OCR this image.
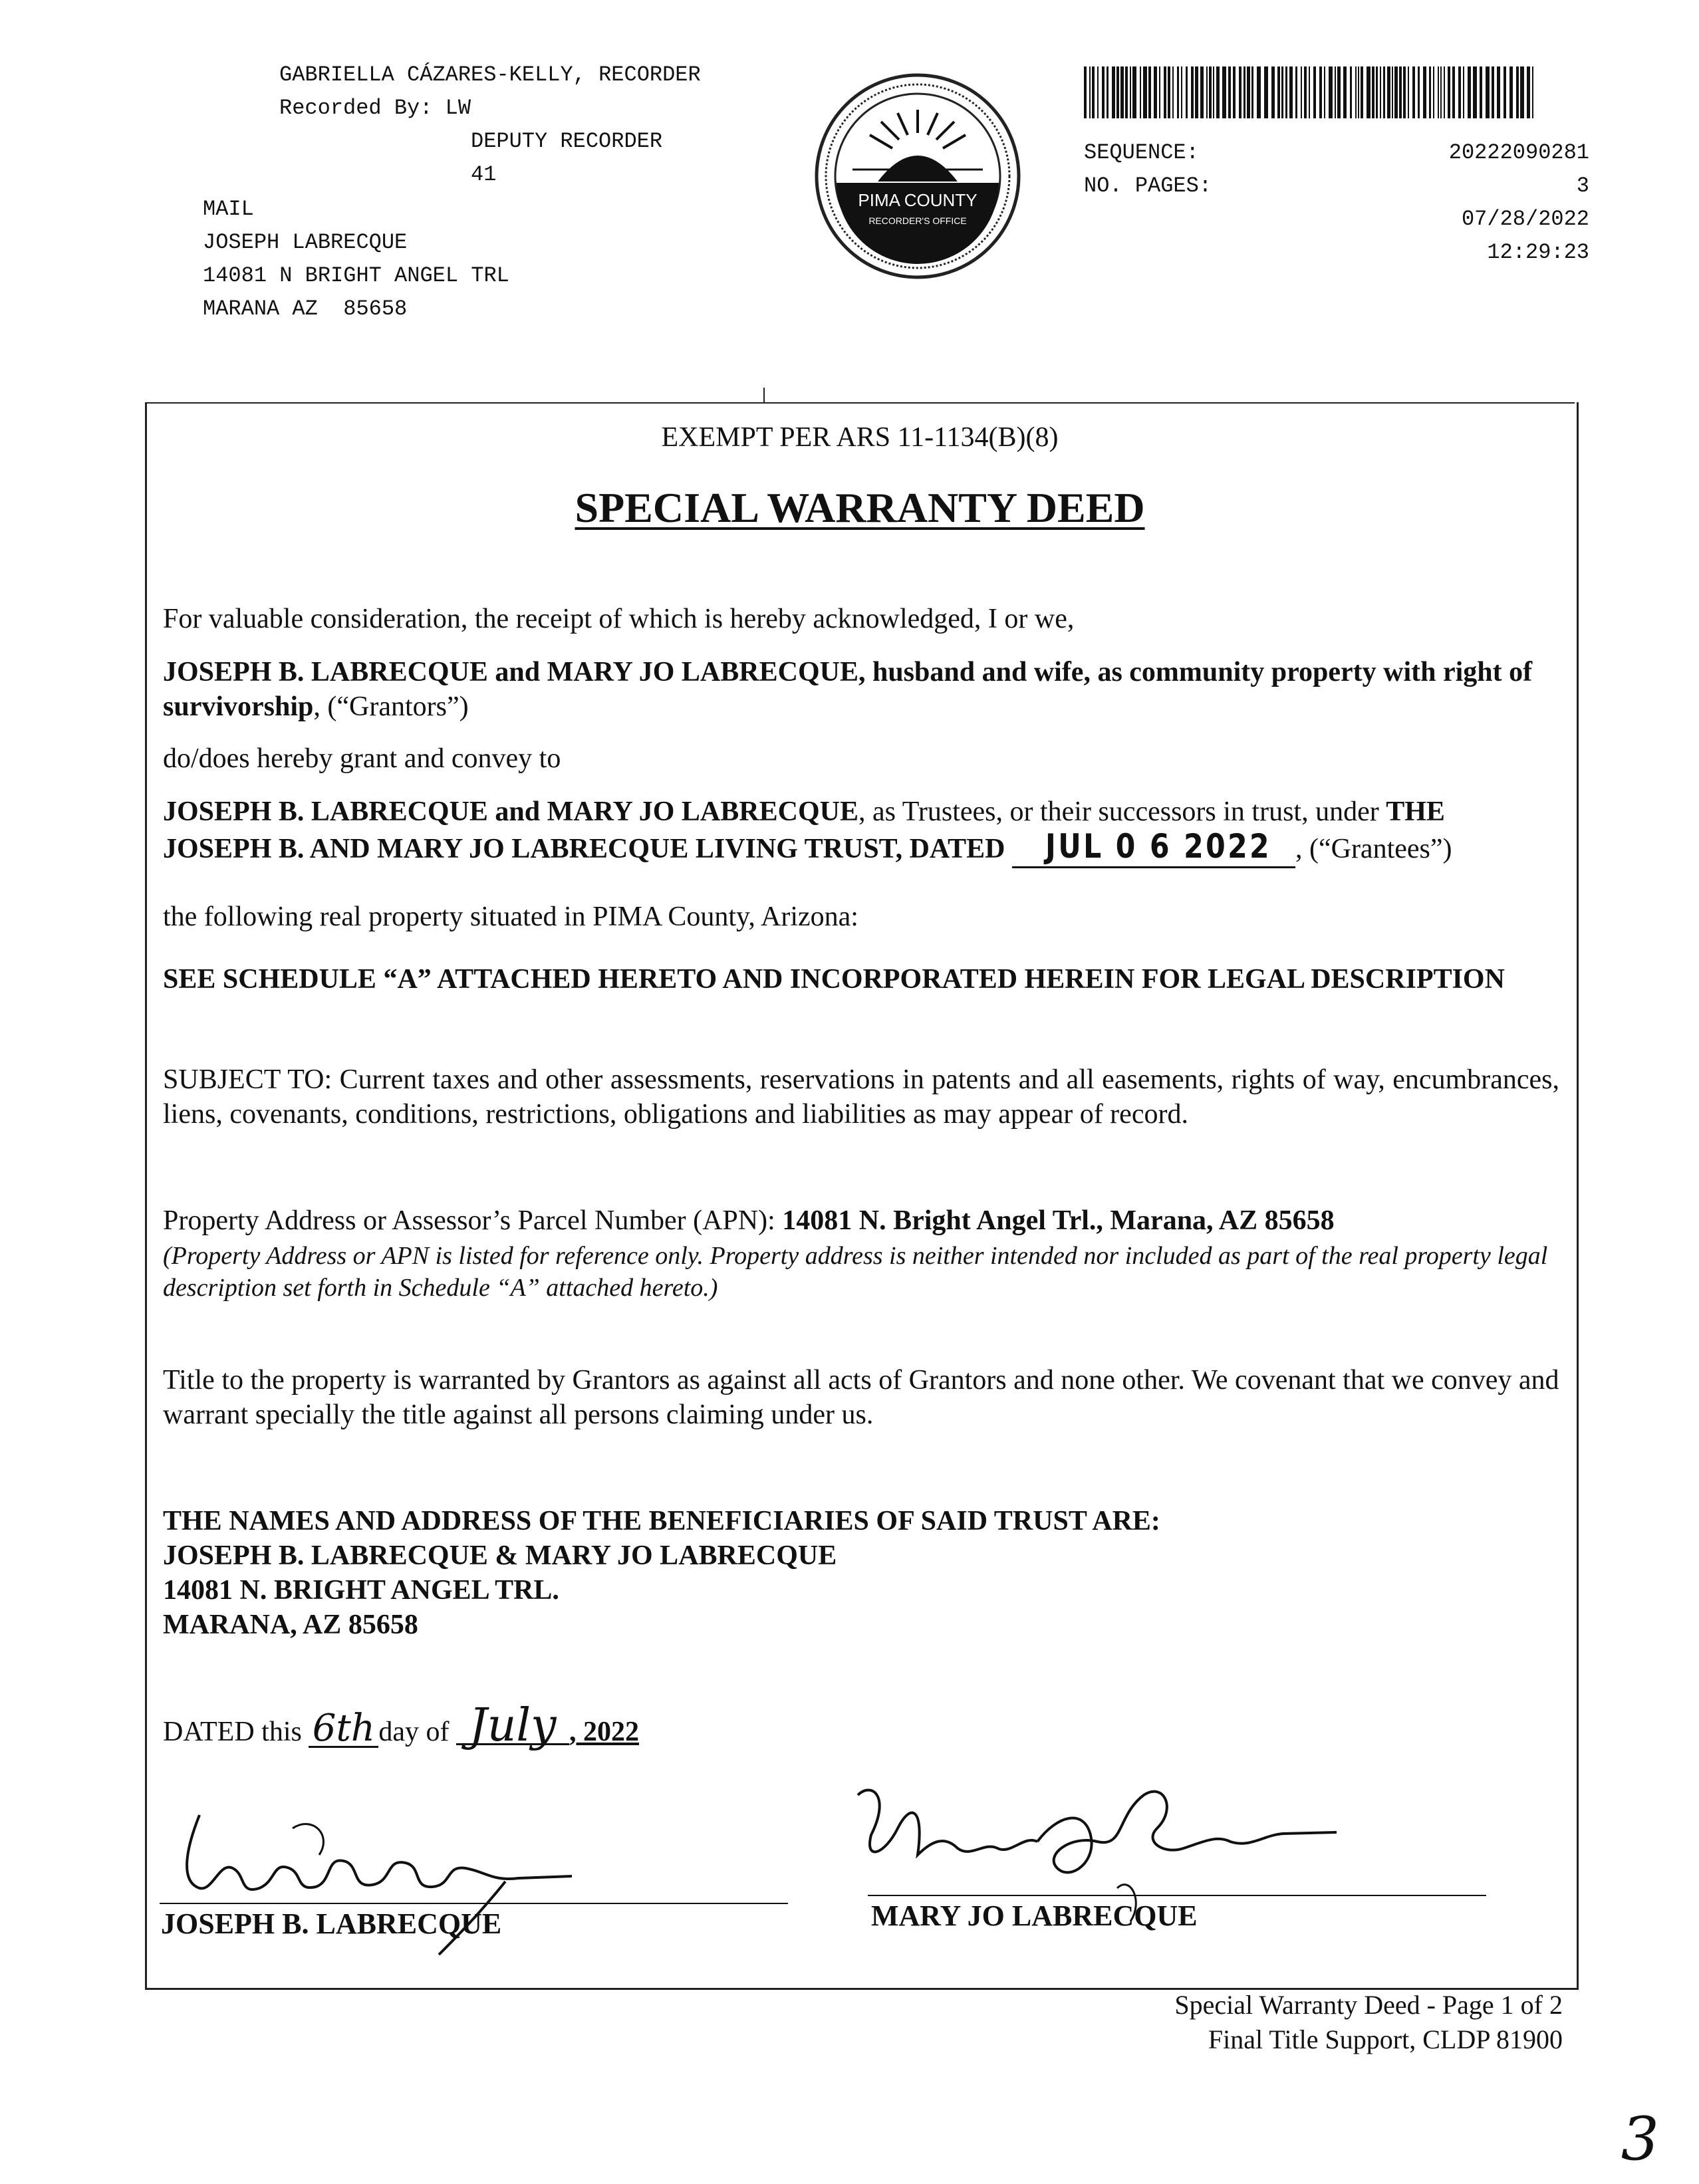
GABRIELLA CÁZARES-KELLY, RECORDER
Recorded By: LW
DEPUTY RECORDER
41
MAIL
JOSEPH LABRECQUE
14081 N BRIGHT ANGEL TRL
MARANA AZ  85658
PIMA COUNTY
RECORDER'S OFFICE
SEQUENCE:	20222090281
NO. PAGES:	3
07/28/2022
12:29:23
EXEMPT PER ARS 11-1134(B)(8)
SPECIAL WARRANTY DEED
For valuable consideration, the receipt of which is hereby acknowledged, I or we,
JOSEPH B. LABRECQUE and MARY JO LABRECQUE, husband and wife, as community property with right of survivorship, (“Grantors”)
do/does hereby grant and convey to
JOSEPH B. LABRECQUE and MARY JO LABRECQUE, as Trustees, or their successors in trust, under THE JOSEPH B. AND MARY JO LABRECQUE LIVING TRUST, DATED JUL 0 6 2022 , (“Grantees”)
the following real property situated in PIMA County, Arizona:
SEE SCHEDULE “A” ATTACHED HERETO AND INCORPORATED HEREIN FOR LEGAL DESCRIPTION
SUBJECT TO: Current taxes and other assessments, reservations in patents and all easements, rights of way, encumbrances, liens, covenants, conditions, restrictions, obligations and liabilities as may appear of record.
Property Address or Assessor’s Parcel Number (APN): 14081 N. Bright Angel Trl., Marana, AZ 85658
(Property Address or APN is listed for reference only. Property address is neither intended nor included as part of the real property legal description set forth in Schedule “A” attached hereto.)
Title to the property is warranted by Grantors as against all acts of Grantors and none other. We covenant that we convey and warrant specially the title against all persons claiming under us.
THE NAMES AND ADDRESS OF THE BENEFICIARIES OF SAID TRUST ARE:
JOSEPH B. LABRECQUE & MARY JO LABRECQUE
14081 N. BRIGHT ANGEL TRL.
MARANA, AZ 85658
DATED this 6th day of July , 2022
JOSEPH B. LABRECQUE	MARY JO LABRECQUE
Special Warranty Deed - Page 1 of 2
Final Title Support, CLDP 81900
3
